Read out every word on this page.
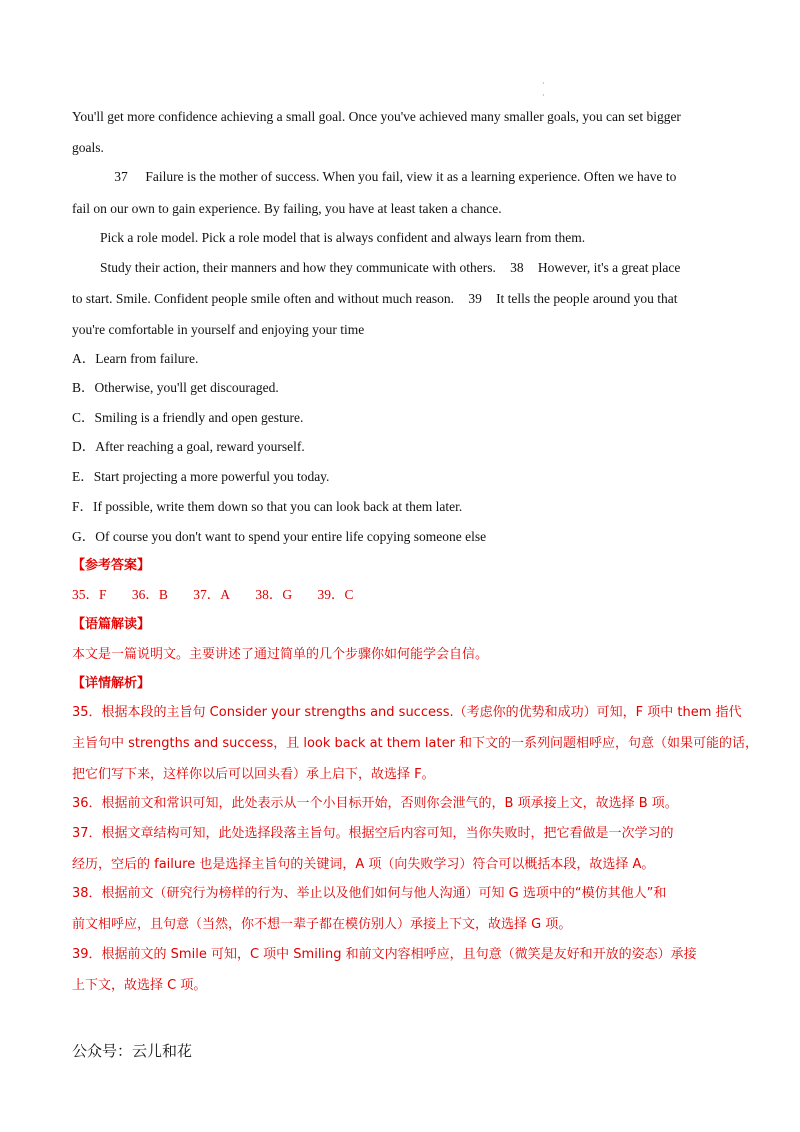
·
·
You'll get more confidence achieving a small goal. Once you've achieved many smaller goals, you can set bigger
goals.
37 Failure is the mother of success. When you fail, view it as a learning experience. Often we have to
fail on our own to gain experience. By failing, you have at least taken a chance.
Pick a role model. Pick a role model that is always confident and always learn from them.
Study their action, their manners and how they communicate with others. 38 However, it's a great place
to start. Smile. Confident people smile often and without much reason. 39 It tells the people around you that
you're comfortable in yourself and enjoying your time
A．Learn from failure.
B．Otherwise, you'll get discouraged.
C．Smiling is a friendly and open gesture.
D．After reaching a goal, reward yourself.
E．Start projecting a more powerful you today.
F．If possible, write them down so that you can look back at them later.
G．Of course you don't want to spend your entire life copying someone else
【参考答案】
35．F 36．B 37．A 38．G 39．C
【语篇解读】
本文是一篇说明文。主要讲述了通过简单的几个步骤你如何能学会自信。
【详情解析】
35．根据本段的主旨句 Consider your strengths and success.（考虑你的优势和成功）可知，F 项中 them 指代
主旨句中 strengths and success，且 look back at them later 和下文的一系列问题相呼应，句意（如果可能的话，
把它们写下来，这样你以后可以回头看）承上启下，故选择 F。
36．根据前文和常识可知，此处表示从一个小目标开始，否则你会泄气的，B 项承接上文，故选择 B 项。
37．根据文章结构可知，此处选择段落主旨句。根据空后内容可知，当你失败时，把它看做是一次学习的
经历，空后的 failure 也是选择主旨句的关键词，A 项（向失败学习）符合可以概括本段，故选择 A。
38．根据前文（研究行为榜样的行为、举止以及他们如何与他人沟通）可知 G 选项中的“模仿其他人”和
前文相呼应，且句意（当然，你不想一辈子都在模仿别人）承接上下文，故选择 G 项。
39．根据前文的 Smile 可知，C 项中 Smiling 和前文内容相呼应，且句意（微笑是友好和开放的姿态）承接
上下文，故选择 C 项。
公众号：云儿和花
